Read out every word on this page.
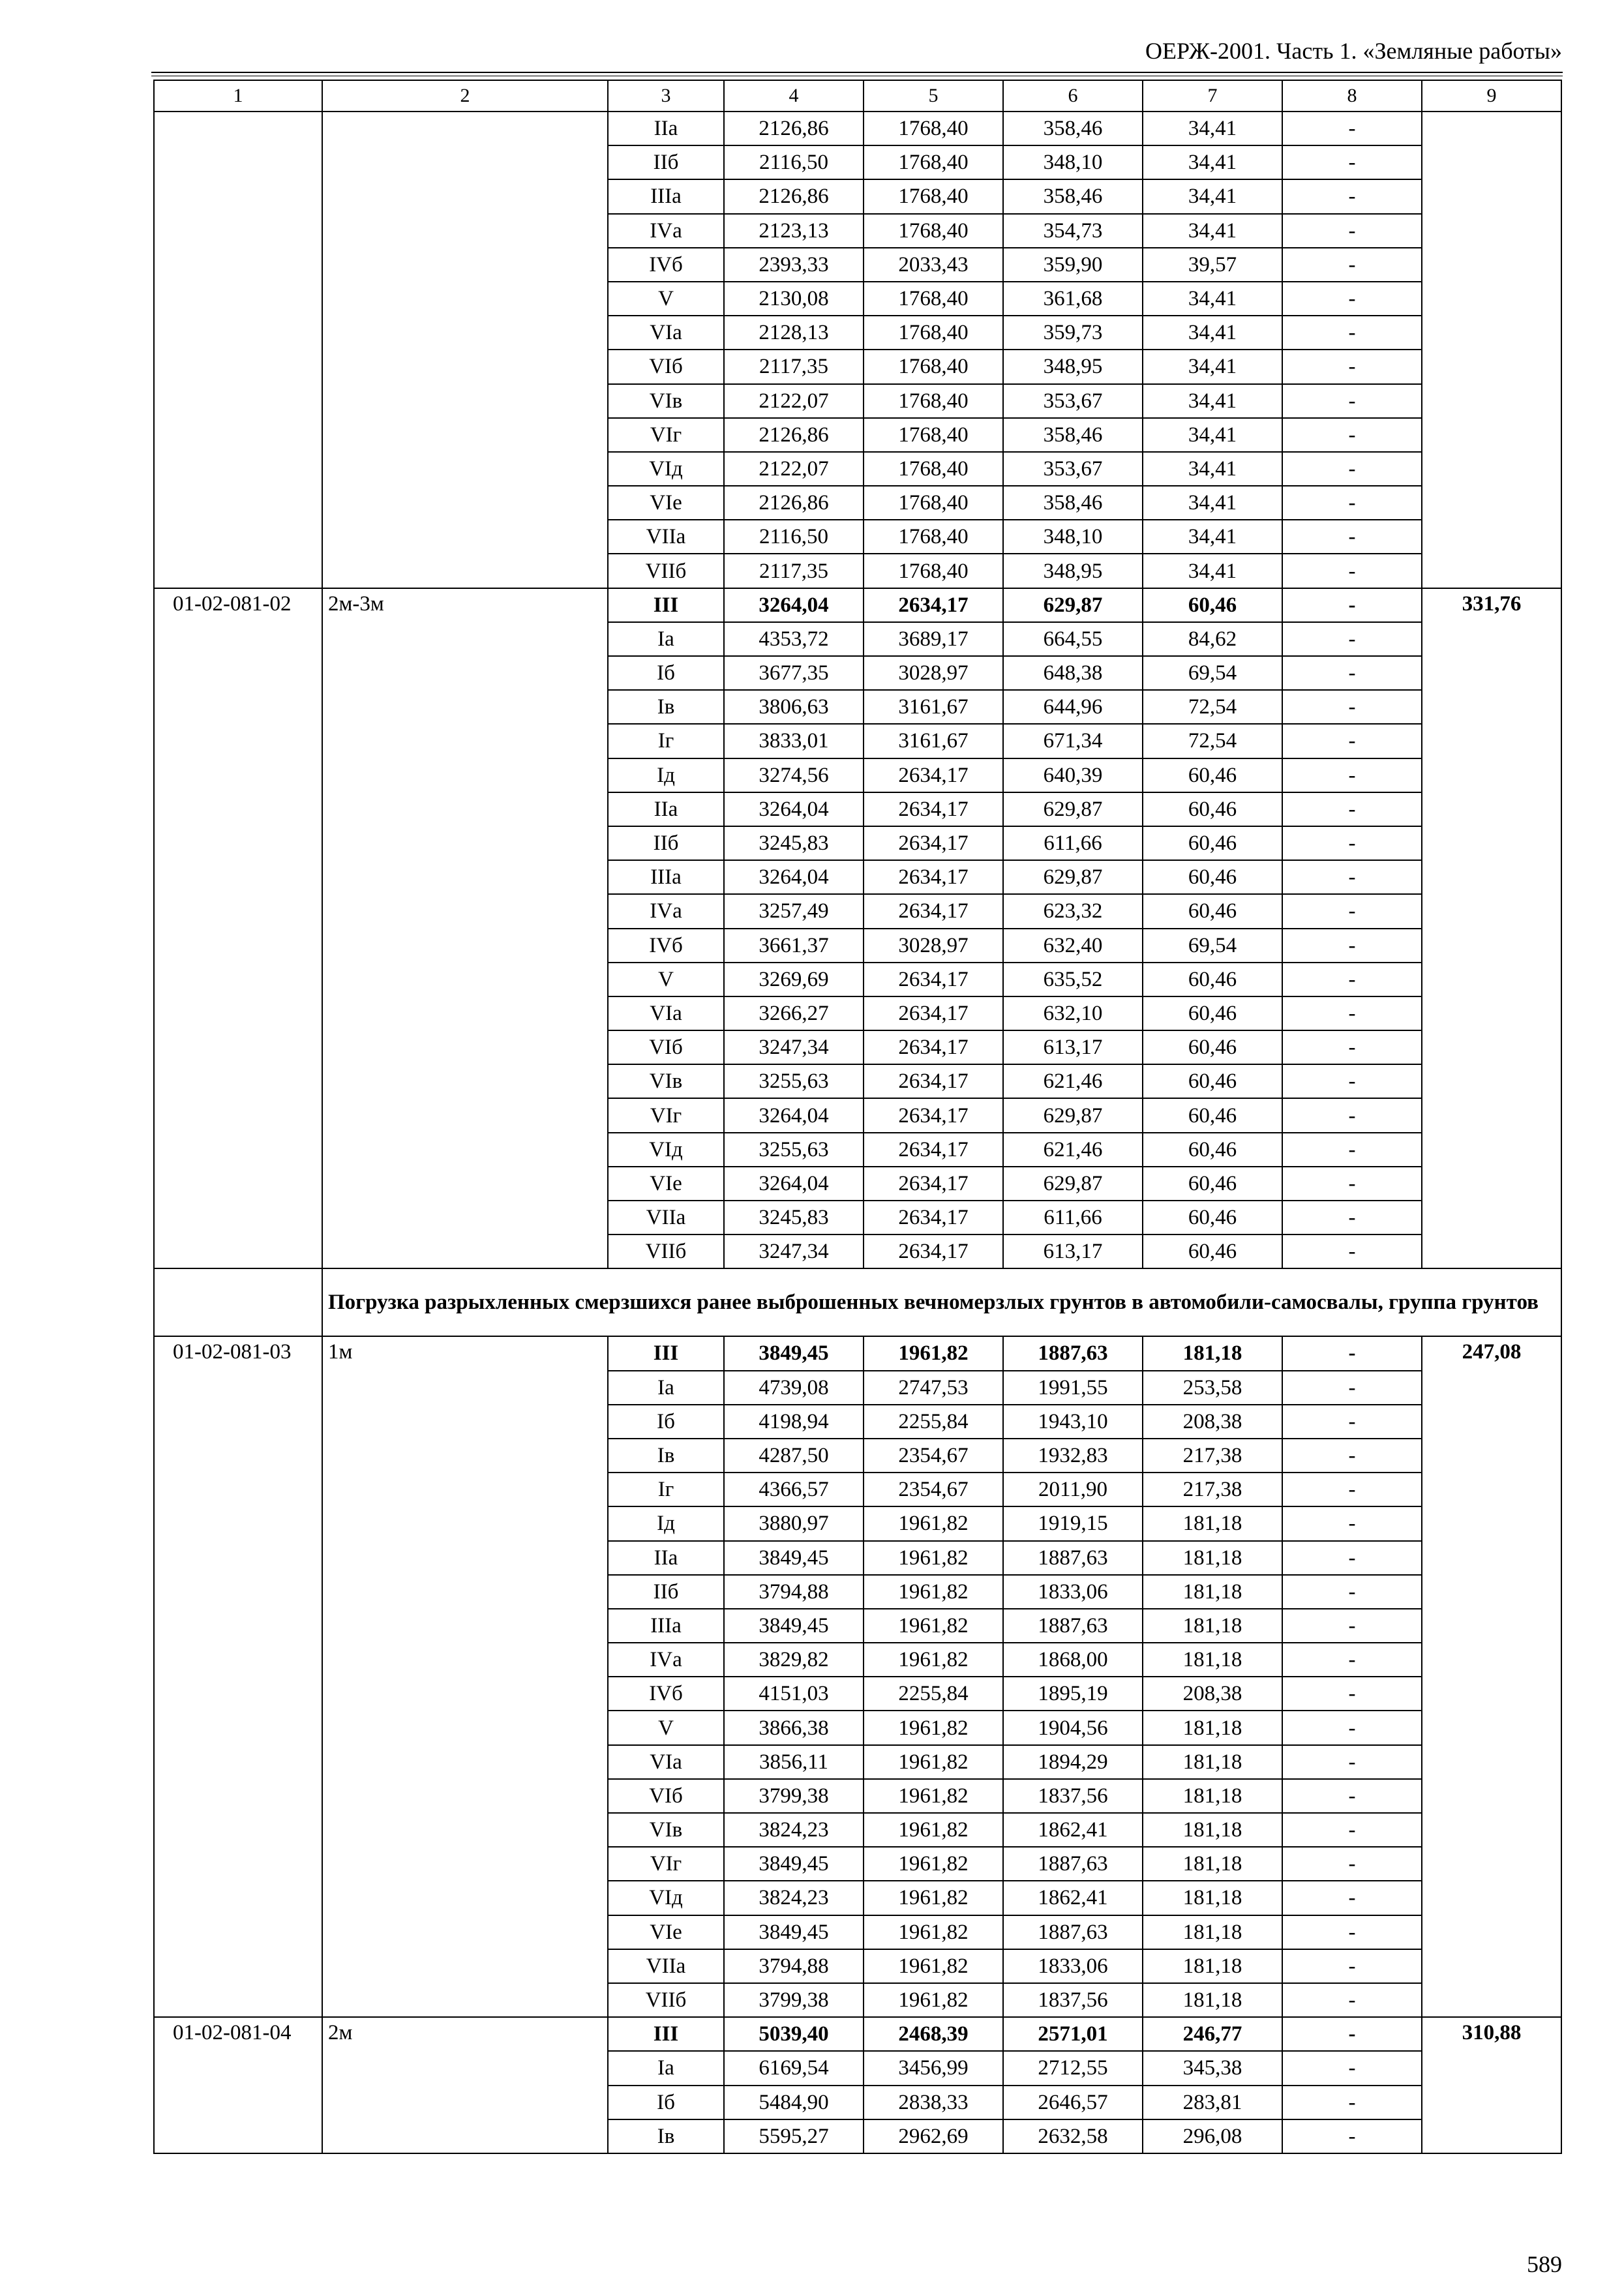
ОЕРЖ-2001. Часть 1. «Земляные работы»
1	2	3	4	5	6	7	8	9
		IIа	2126,86	1768,40	358,46	34,41	-	
		IIб	2116,50	1768,40	348,10	34,41	-	
		IIIа	2126,86	1768,40	358,46	34,41	-	
		IVа	2123,13	1768,40	354,73	34,41	-	
		IVб	2393,33	2033,43	359,90	39,57	-	
		V	2130,08	1768,40	361,68	34,41	-	
		VIа	2128,13	1768,40	359,73	34,41	-	
		VIб	2117,35	1768,40	348,95	34,41	-	
		VIв	2122,07	1768,40	353,67	34,41	-	
		VIг	2126,86	1768,40	358,46	34,41	-	
		VIд	2122,07	1768,40	353,67	34,41	-	
		VIе	2126,86	1768,40	358,46	34,41	-	
		VIIа	2116,50	1768,40	348,10	34,41	-	
		VIIб	2117,35	1768,40	348,95	34,41	-	
01-02-081-02	2м-3м	III	3264,04	2634,17	629,87	60,46	-	331,76
		Iа	4353,72	3689,17	664,55	84,62	-	
		Iб	3677,35	3028,97	648,38	69,54	-	
		Iв	3806,63	3161,67	644,96	72,54	-	
		Iг	3833,01	3161,67	671,34	72,54	-	
		Iд	3274,56	2634,17	640,39	60,46	-	
		IIа	3264,04	2634,17	629,87	60,46	-	
		IIб	3245,83	2634,17	611,66	60,46	-	
		IIIа	3264,04	2634,17	629,87	60,46	-	
		IVа	3257,49	2634,17	623,32	60,46	-	
		IVб	3661,37	3028,97	632,40	69,54	-	
		V	3269,69	2634,17	635,52	60,46	-	
		VIа	3266,27	2634,17	632,10	60,46	-	
		VIб	3247,34	2634,17	613,17	60,46	-	
		VIв	3255,63	2634,17	621,46	60,46	-	
		VIг	3264,04	2634,17	629,87	60,46	-	
		VIд	3255,63	2634,17	621,46	60,46	-	
		VIе	3264,04	2634,17	629,87	60,46	-	
		VIIа	3245,83	2634,17	611,66	60,46	-	
		VIIб	3247,34	2634,17	613,17	60,46	-	
	Погрузка разрыхленных смерзшихся ранее выброшенных вечномерзлых грунтов в автомобили-самосвалы, группа грунтов							
01-02-081-03	1м	III	3849,45	1961,82	1887,63	181,18	-	247,08
		Iа	4739,08	2747,53	1991,55	253,58	-	
		Iб	4198,94	2255,84	1943,10	208,38	-	
		Iв	4287,50	2354,67	1932,83	217,38	-	
		Iг	4366,57	2354,67	2011,90	217,38	-	
		Iд	3880,97	1961,82	1919,15	181,18	-	
		IIа	3849,45	1961,82	1887,63	181,18	-	
		IIб	3794,88	1961,82	1833,06	181,18	-	
		IIIа	3849,45	1961,82	1887,63	181,18	-	
		IVа	3829,82	1961,82	1868,00	181,18	-	
		IVб	4151,03	2255,84	1895,19	208,38	-	
		V	3866,38	1961,82	1904,56	181,18	-	
		VIа	3856,11	1961,82	1894,29	181,18	-	
		VIб	3799,38	1961,82	1837,56	181,18	-	
		VIв	3824,23	1961,82	1862,41	181,18	-	
		VIг	3849,45	1961,82	1887,63	181,18	-	
		VIд	3824,23	1961,82	1862,41	181,18	-	
		VIе	3849,45	1961,82	1887,63	181,18	-	
		VIIа	3794,88	1961,82	1833,06	181,18	-	
		VIIб	3799,38	1961,82	1837,56	181,18	-	
01-02-081-04	2м	III	5039,40	2468,39	2571,01	246,77	-	310,88
		Iа	6169,54	3456,99	2712,55	345,38	-	
		Iб	5484,90	2838,33	2646,57	283,81	-	
		Iв	5595,27	2962,69	2632,58	296,08	-	
589
